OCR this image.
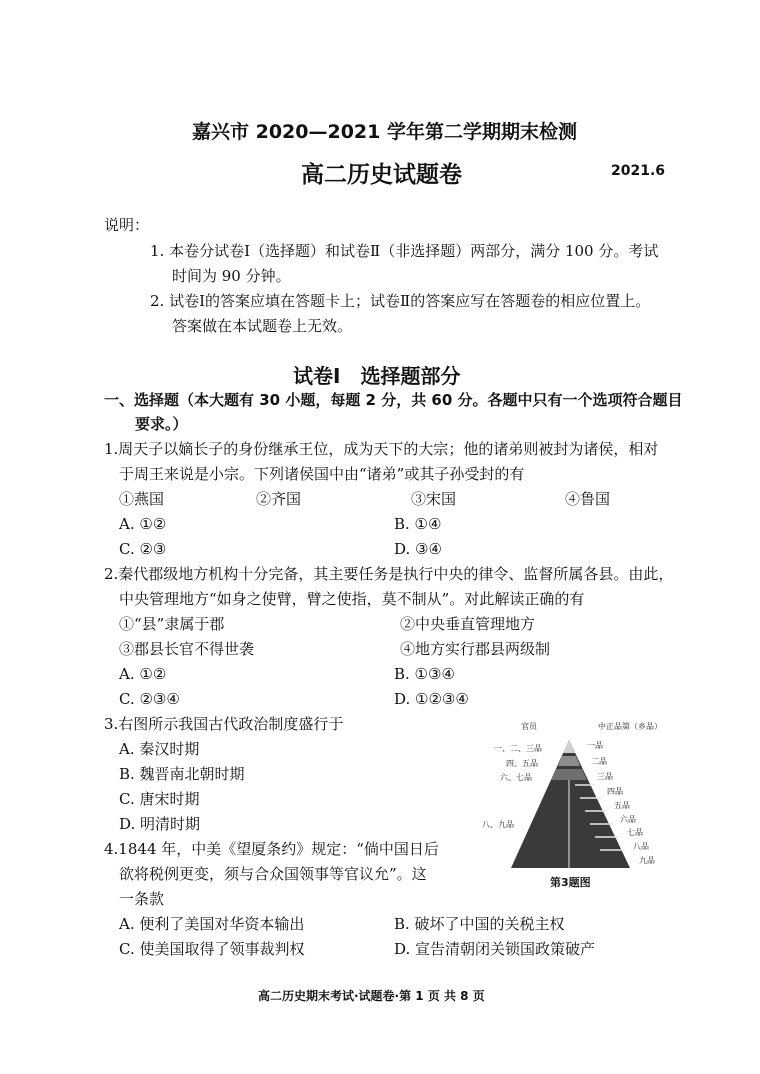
嘉兴市 2020—2021 学年第二学期期末检测
高二历史试题卷	2021.6
说明：
1. 本卷分试卷Ⅰ（选择题）和试卷Ⅱ（非选择题）两部分，满分 100 分。考试
时间为 90 分钟。
2. 试卷Ⅰ的答案应填在答题卡上；试卷Ⅱ的答案应写在答题卷的相应位置上。
答案做在本试题卷上无效。
试卷Ⅰ　选择题部分
一、选择题（本大题有 30 小题，每题 2 分，共 60 分。各题中只有一个选项符合题目
要求。）
1.周天子以嫡长子的身份继承王位，成为天下的大宗；他的诸弟则被封为诸侯，相对
于周王来说是小宗。下列诸侯国中由“诸弟”或其子孙受封的有
①燕国	②齐国	③宋国	④鲁国
A. ①②	B. ①④
C. ②③	D. ③④
2.秦代郡级地方机构十分完备，其主要任务是执行中央的律令、监督所属各县。由此，
中央管理地方“如身之使臂，臂之使指，莫不制从”。对此解读正确的有
①“县”隶属于郡	②中央垂直管理地方
③郡县长官不得世袭	④地方实行郡县两级制
A. ①②	B. ①③④
C. ②③④	D. ①②③④
3.右图所示我国古代政治制度盛行于
A. 秦汉时期
B. 魏晋南北朝时期
C. 唐宋时期
D. 明清时期
官员	中正品第（乡品）
一、二、三品
四、五品
六、七品
八、九品
一品
二品
三品
四品
五品
六品
七品
八品
九品
第3题图
4.1844 年，中美《望厦条约》规定：“倘中国日后
欲将税例更变，须与合众国领事等官议允”。这
一条款
A. 便利了美国对华资本输出	B. 破坏了中国的关税主权
C. 使美国取得了领事裁判权	D. 宣告清朝闭关锁国政策破产
高二历史期末考试·试题卷·第 1 页 共 8 页
